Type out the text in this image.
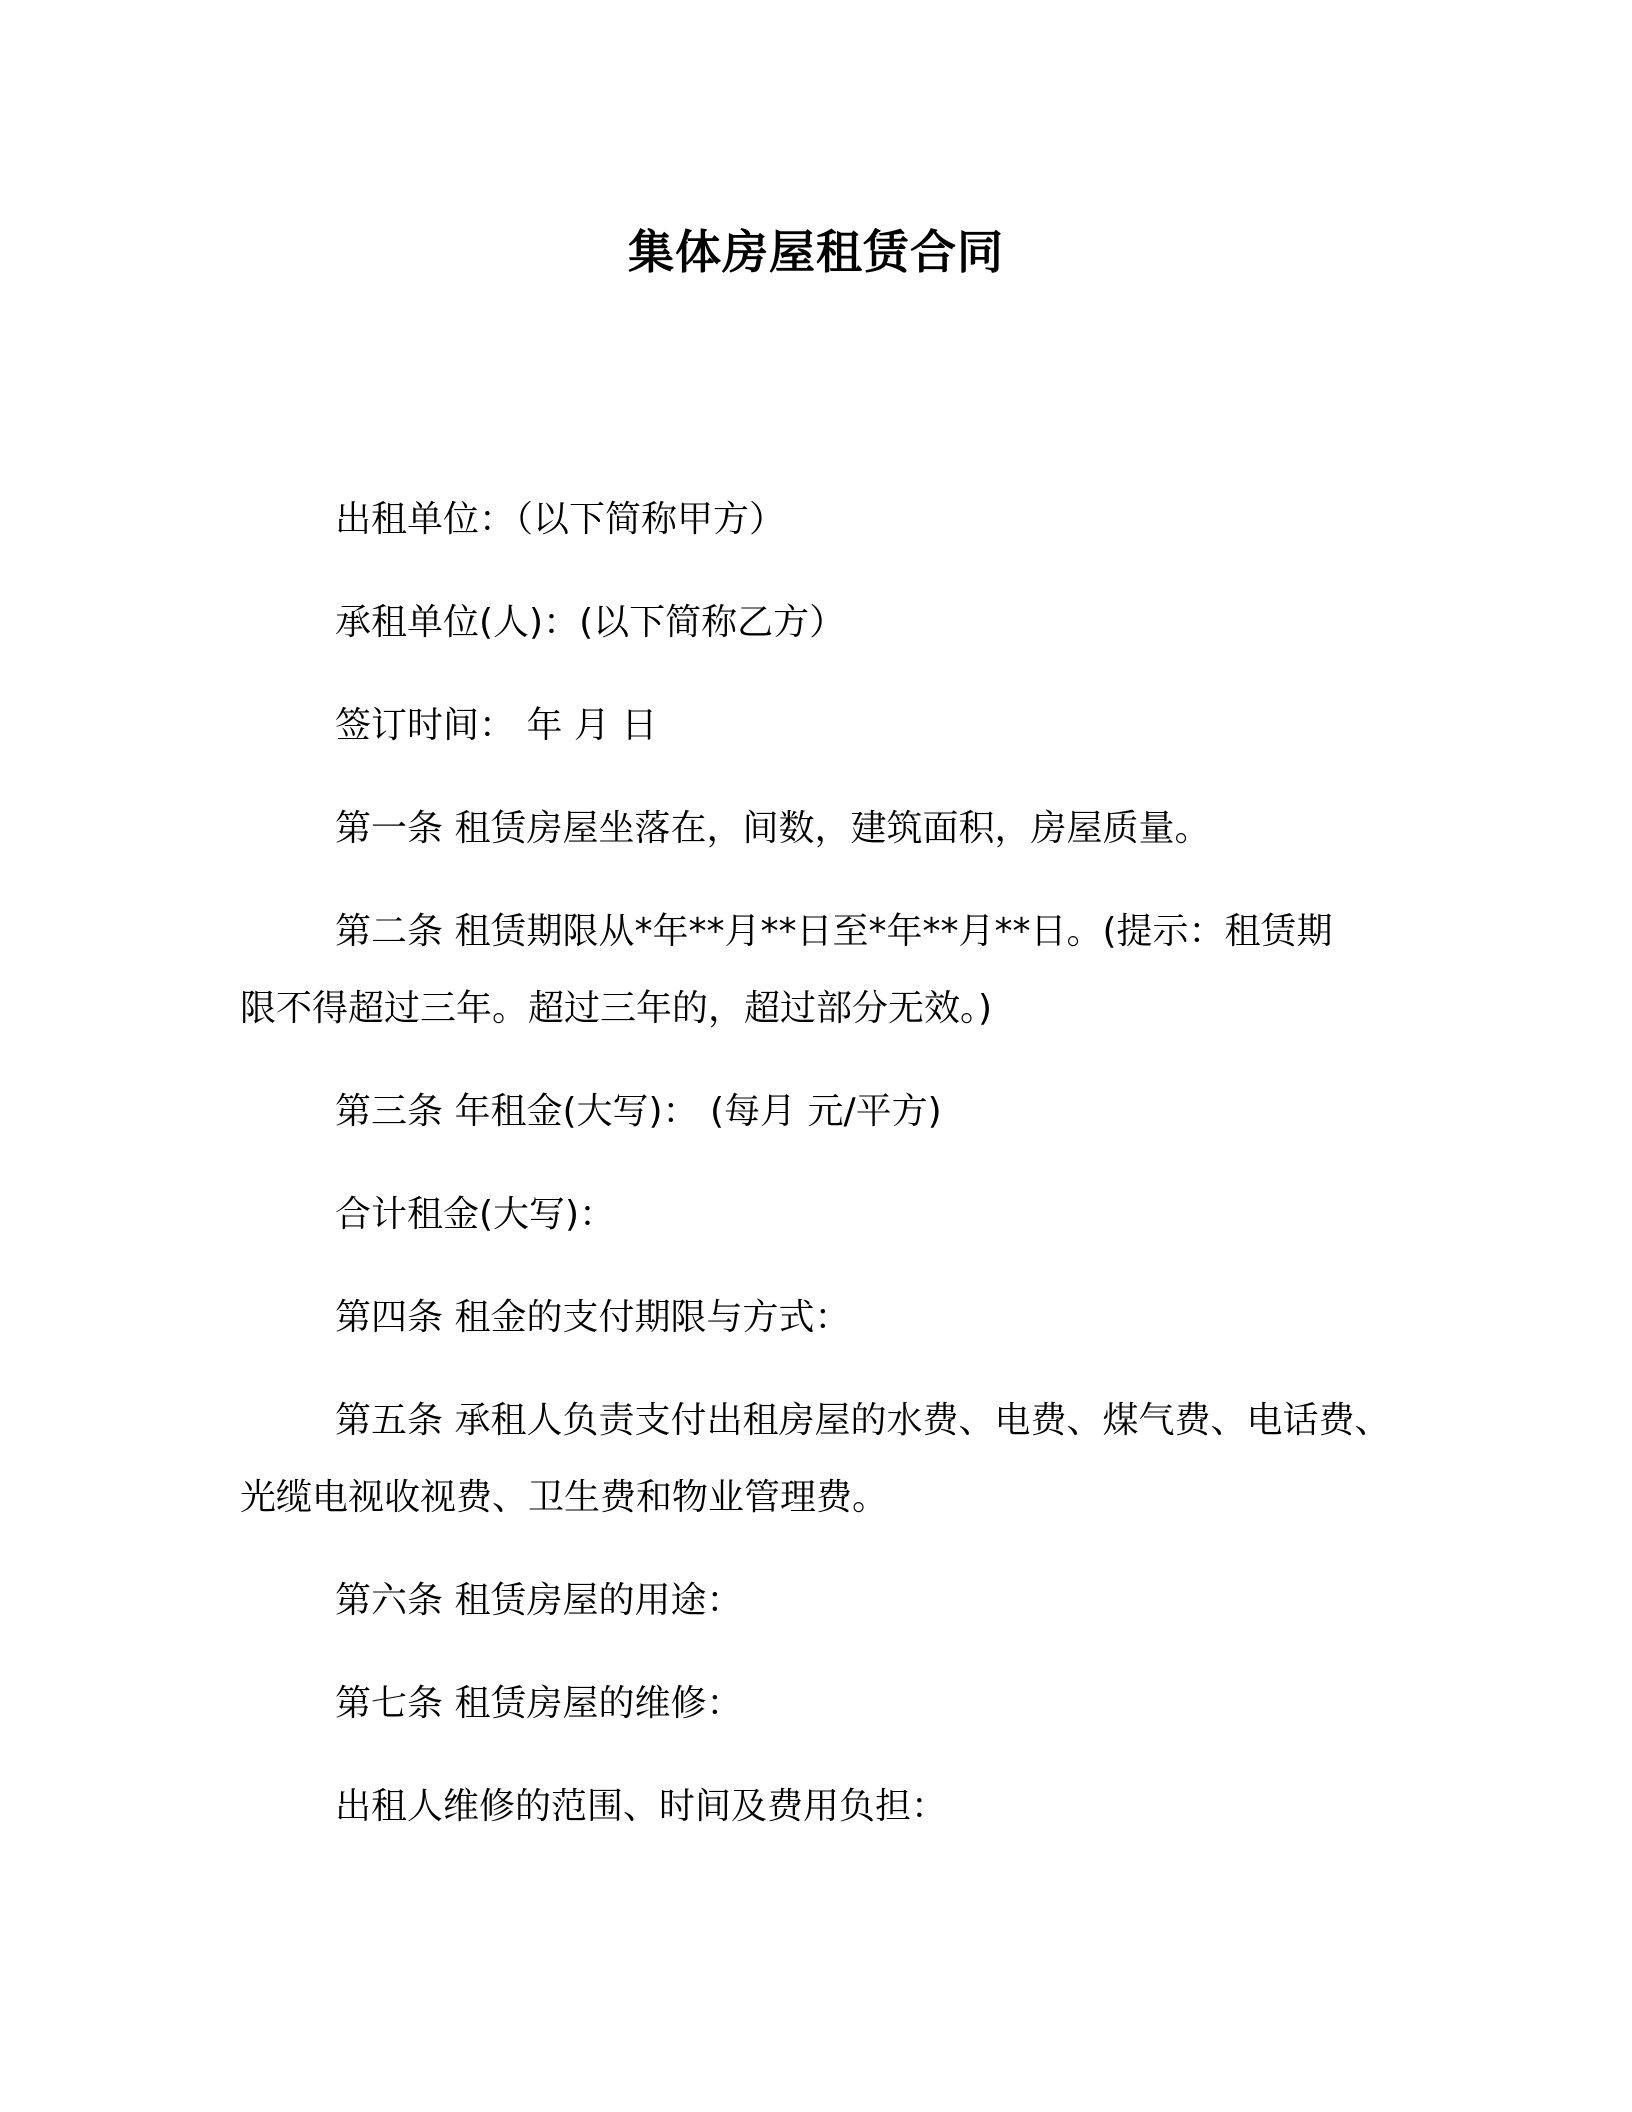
集体房屋租赁合同
出租单位：（以下简称甲方）
承租单位(人)：(以下简称乙方）
签订时间： 年 月 日
第一条 租赁房屋坐落在，间数，建筑面积，房屋质量。
第二条 租赁期限从*年**月**日至*年**月**日。(提示：租赁期
限不得超过三年。超过三年的，超过部分无效。)
第三条 年租金(大写)： (每月 元/平方)
合计租金(大写)：
第四条 租金的支付期限与方式：
第五条 承租人负责支付出租房屋的水费、电费、煤气费、电话费、
光缆电视收视费、卫生费和物业管理费。
第六条 租赁房屋的用途：
第七条 租赁房屋的维修：
出租人维修的范围、时间及费用负担：
